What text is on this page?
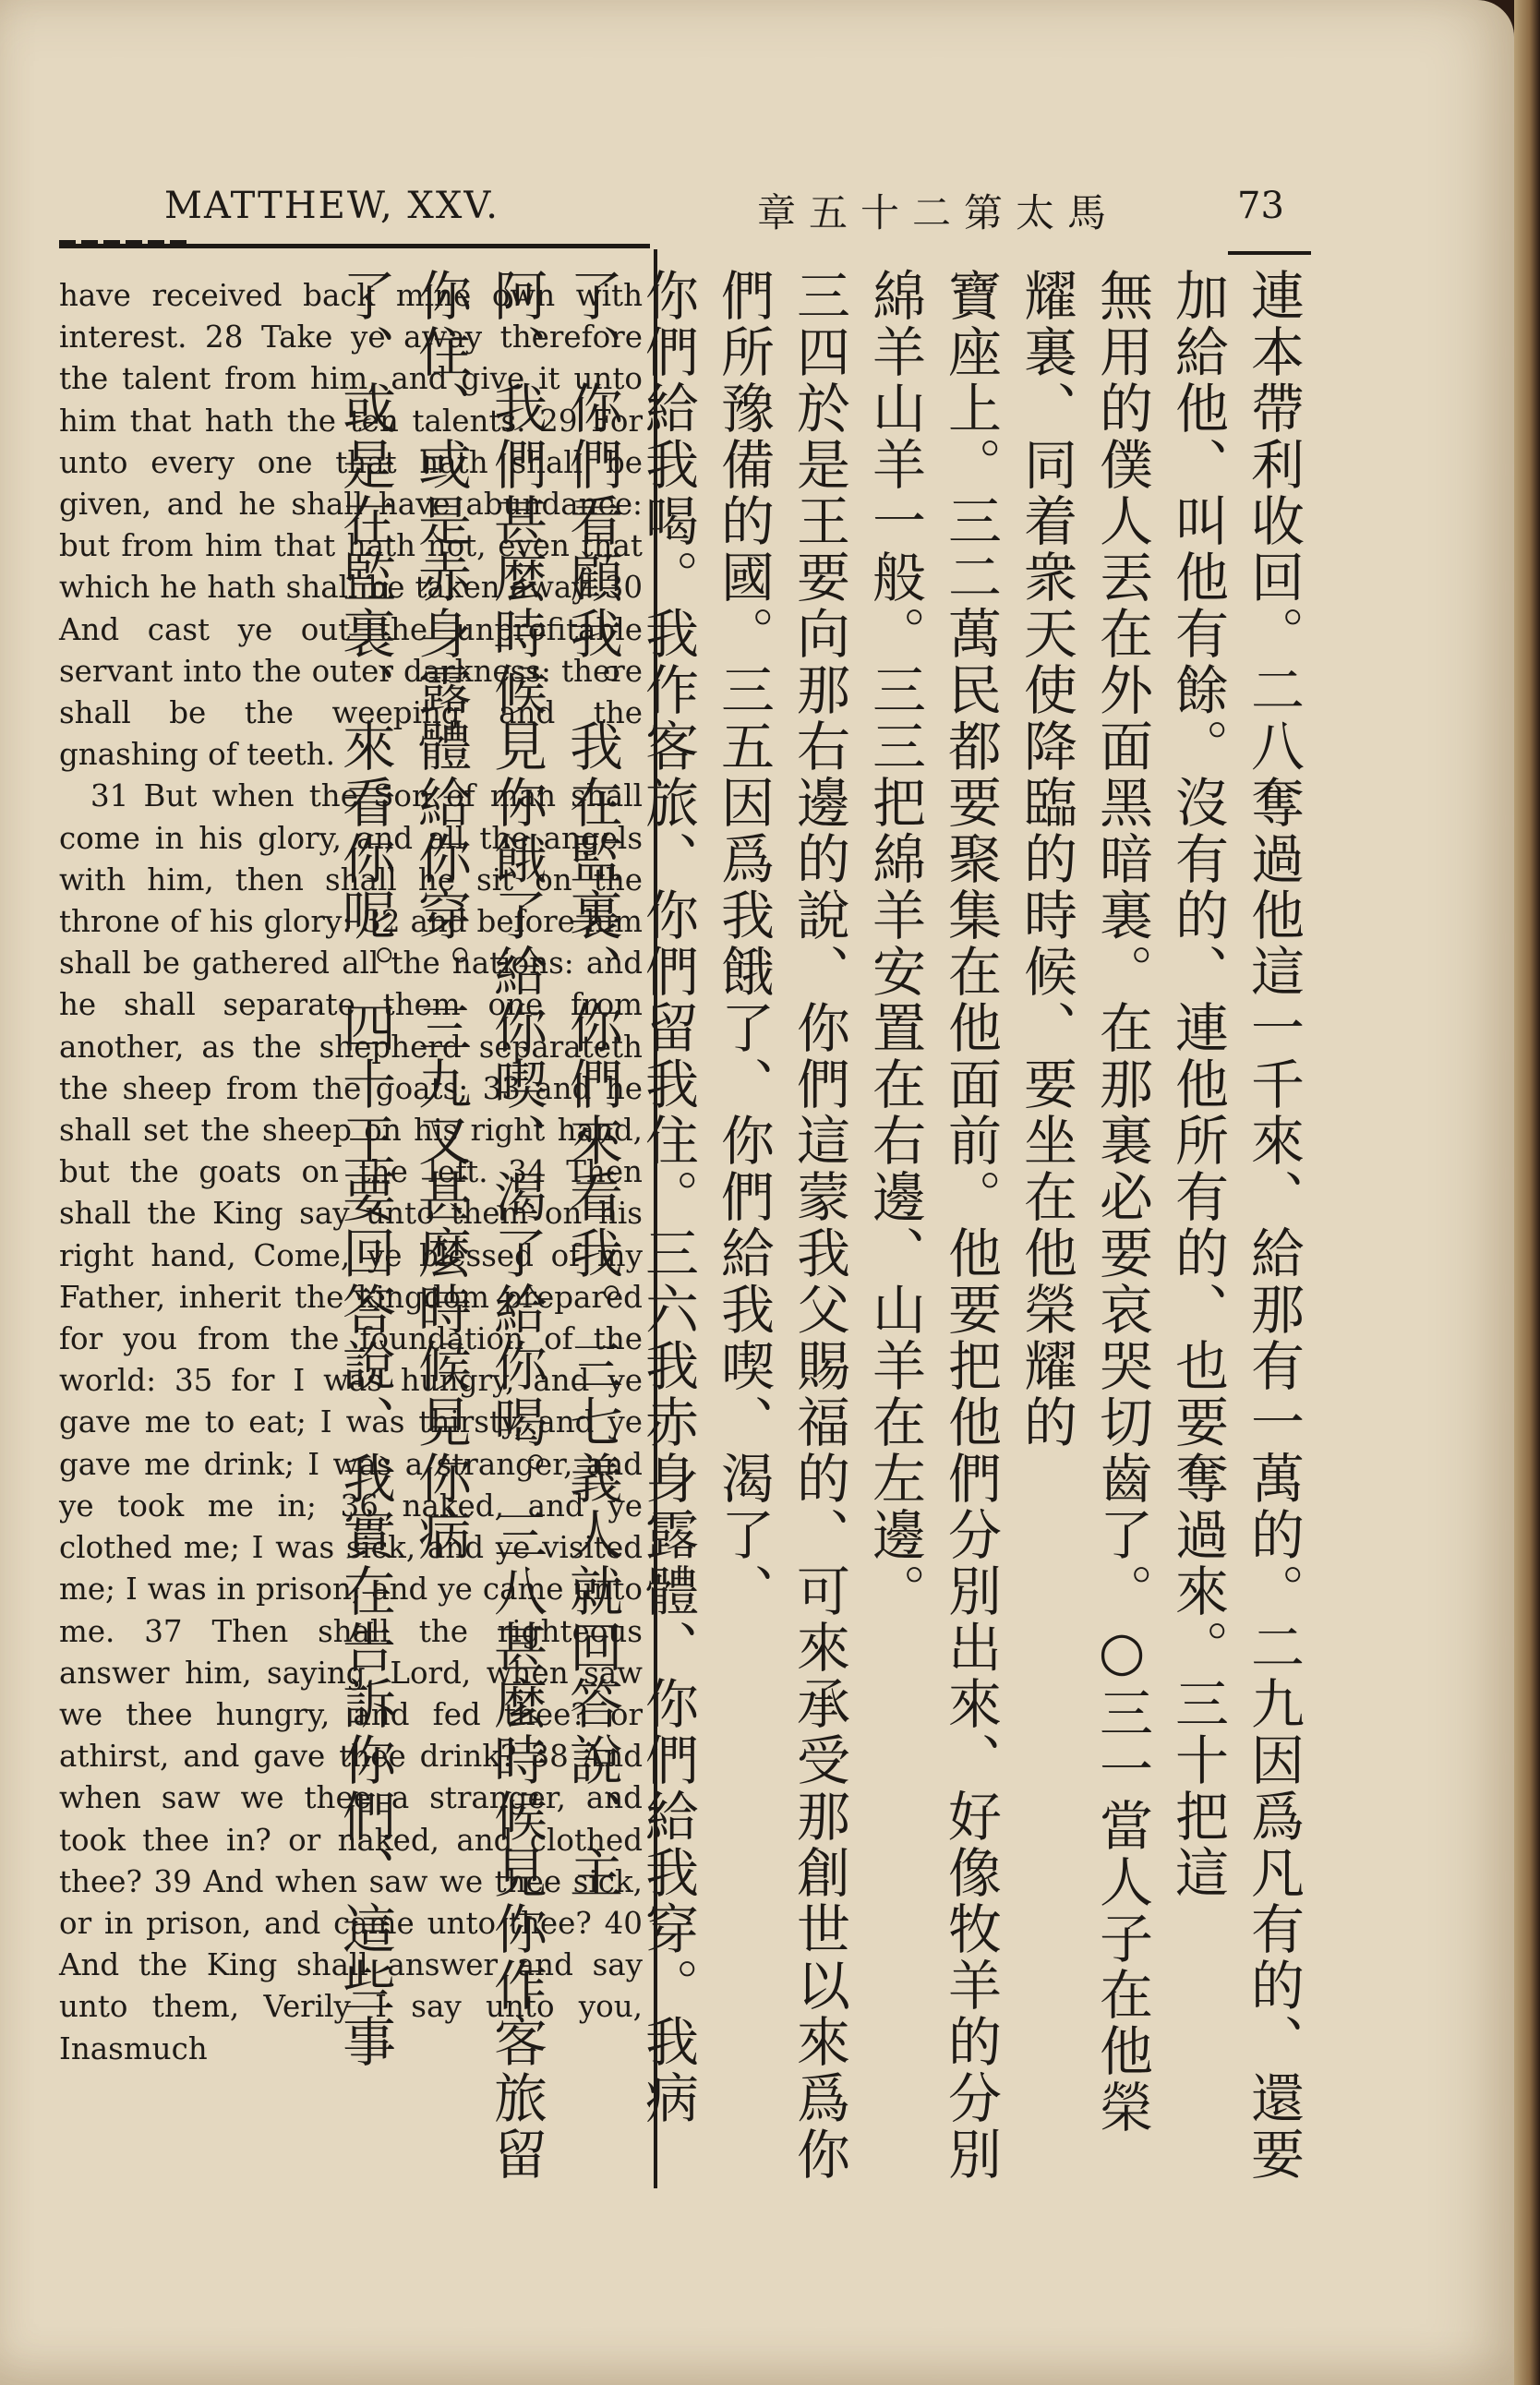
MATTHEW, XXV.	章五十二第太馬	73

have received back mine own with interest. 28 Take ye away therefore the talent from him, and give it unto him that hath the ten talents. 29 For unto every one that hath shall be given, and he shall have abundance: but from him that hath not, even that which he hath shall be taken away. 30 And cast ye out the unprofitable servant into the outer darkness: there shall be the weeping and the gnashing of teeth.

31 But when the Son of man shall come in his glory, and all the angels with him, then shall he sit on the throne of his glory: 32 and before him shall be gathered all the nations: and he shall separate them one from another, as the shepherd separateth the sheep from the goats; 33 and he shall set the sheep on his right hand, but the goats on the left. 34 Then shall the King say unto them on his right hand, Come, ye blessed of my Father, inherit the kingdom prepared for you from the foundation of the world: 35 for I was hungry, and ye gave me to eat; I was thirsty, and ye gave me drink; I was a stranger, and ye took me in; 36 naked, and ye clothed me; I was sick, and ye visited me; I was in prison, and ye came unto me. 37 Then shall the righteous answer him, saying, Lord, when saw we thee hungry, and fed thee? or athirst, and gave thee drink? 38 And when saw we thee a stranger, and took thee in? or naked, and clothed thee? 39 And when saw we thee sick, or in prison, and came unto thee? 40 And the King shall answer and say unto them, Verily I say unto you, Inasmuch	連本帶利收回。二八奪過他這一千來、給那有一萬的。二九因爲凡有的、還要加給他、叫他有餘。沒有的、連他所有的、也要奪過來。三十把這
無用的僕人丟在外面黑暗裏。在那裏必要哀哭切齒了。○三一當人子在他榮耀裏、同着衆天使降臨的時候、要坐在他榮耀的
寶座上。三二萬民都要聚集在他面前。他要把他們分別出來、好像牧羊的分別綿羊山羊一般。三三把綿羊安置在右邊、山羊在左邊。
三四於是王要向那右邊的說、你們這蒙我父賜福的、可來承受那創世以來爲你們所豫備的國。三五因爲我餓了、你們給我喫、渴了、
你們給我喝。我作客旅、你們留我住。三六我赤身露體、你們給我穿。我病了、你們看顧我。我在監裏、你們來看我。三七義人就回答說、主
阿、我們甚麼時候見你餓了給你喫、渴了給你喝。三八甚麼時候見你作客旅留你住、或是赤身露體給你穿。三九又甚麼時候見你病
了、或是在監裏、來看你呢。四十王要回答說、我實在告訴你們、這些事
